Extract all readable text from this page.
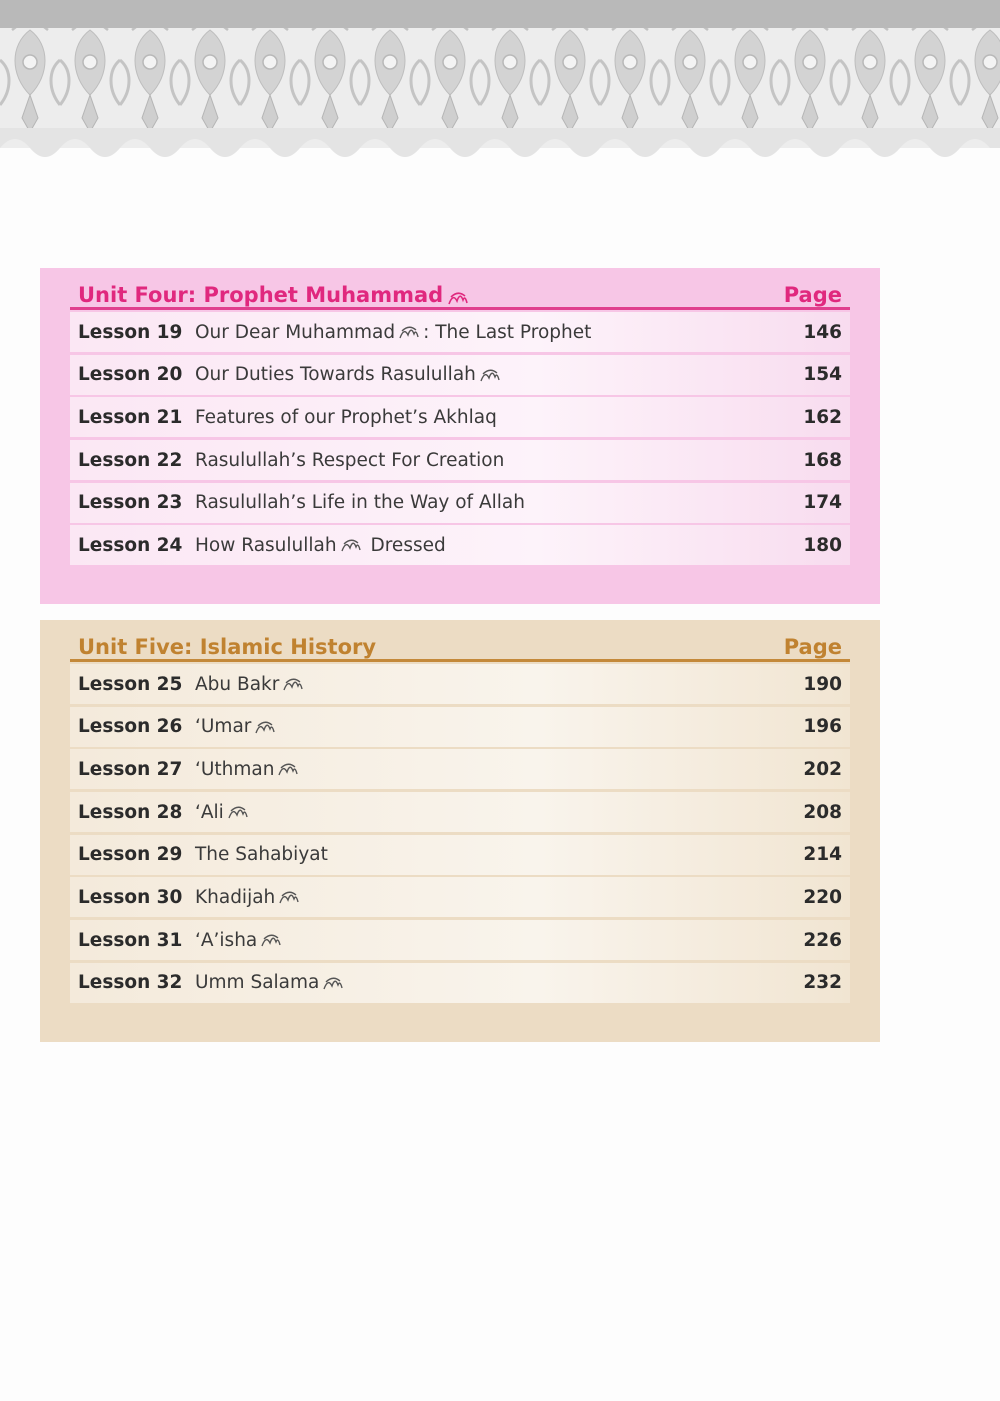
Unit Four: Prophet Muhammad	Page
Lesson 19 Our Dear Muhammad : The Last Prophet	146
Lesson 20 Our Duties Towards Rasulullah	154
Lesson 21 Features of our Prophet’s Akhlaq	162
Lesson 22 Rasulullah’s Respect For Creation	168
Lesson 23 Rasulullah’s Life in the Way of Allah	174
Lesson 24 How Rasulullah Dressed	180
Unit Five: Islamic History	Page
Lesson 25 Abu Bakr	190
Lesson 26 ‘Umar	196
Lesson 27 ‘Uthman	202
Lesson 28 ‘Ali	208
Lesson 29 The Sahabiyat	214
Lesson 30 Khadijah	220
Lesson 31 ‘A’isha	226
Lesson 32 Umm Salama	232
